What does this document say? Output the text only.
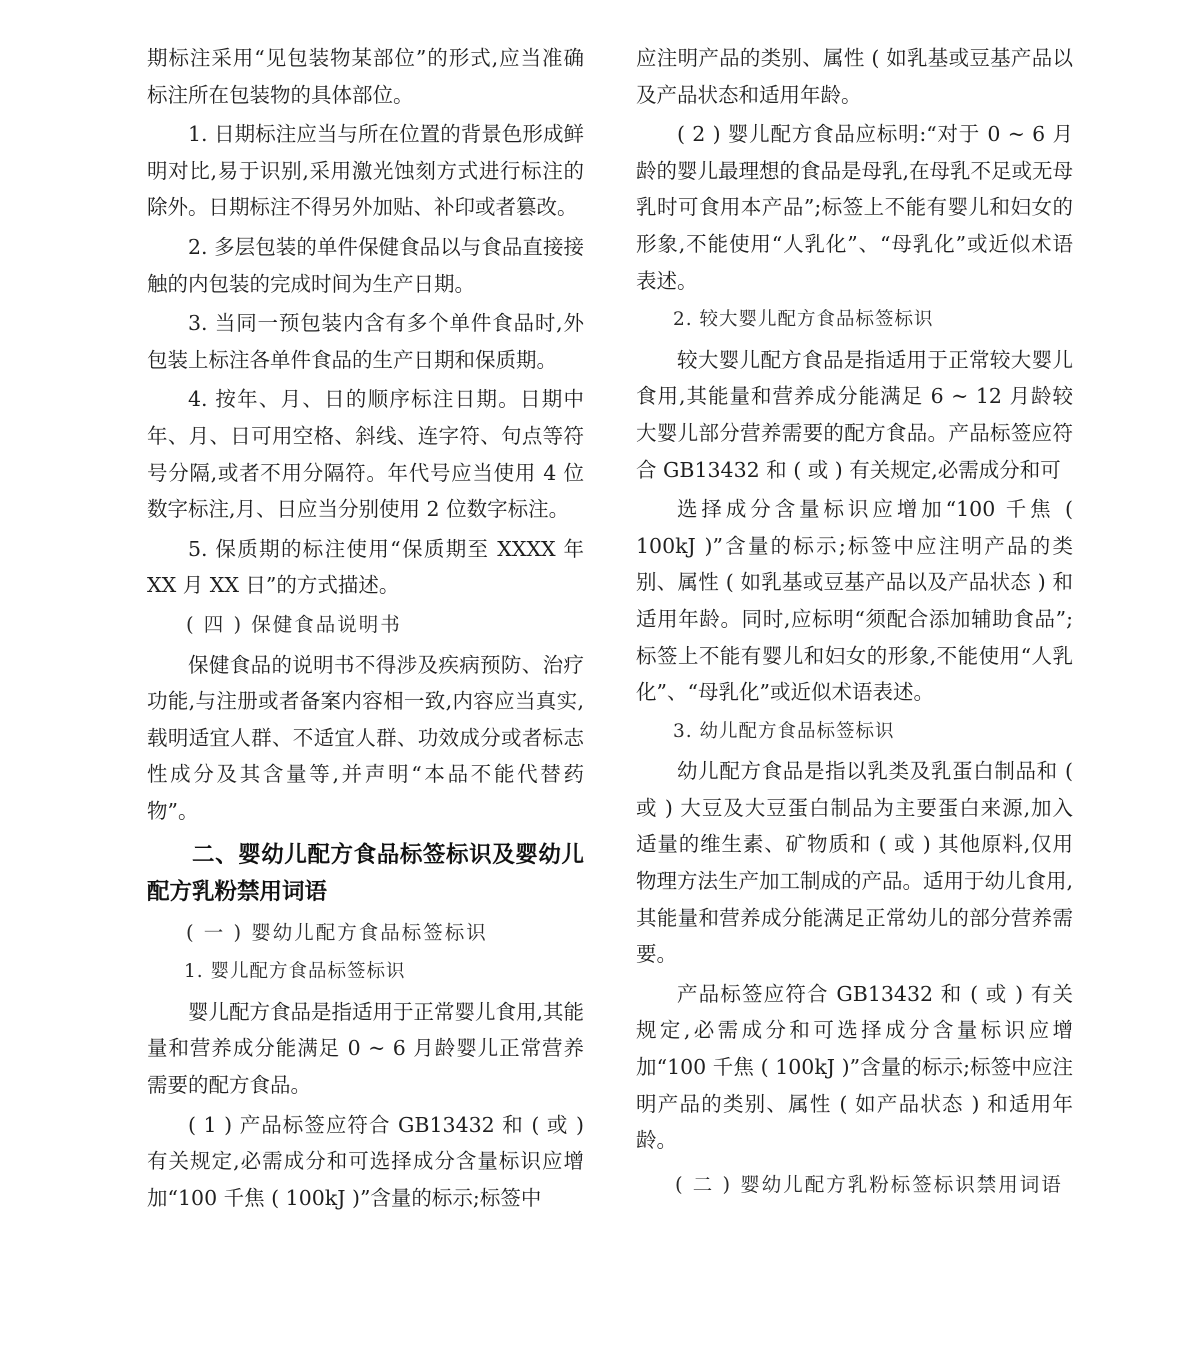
期标注采用“见包装物某部位”的形式,应当准确标注所在包装物的具体部位。

1. 日期标注应当与所在位置的背景色形成鲜明对比,易于识别,采用激光蚀刻方式进行标注的除外。日期标注不得另外加贴、补印或者篡改。

2. 多层包装的单件保健食品以与食品直接接触的内包装的完成时间为生产日期。

3. 当同一预包装内含有多个单件食品时,外包装上标注各单件食品的生产日期和保质期。

4. 按年、月、日的顺序标注日期。日期中年、月、日可用空格、斜线、连字符、句点等符号分隔,或者不用分隔符。年代号应当使用 4 位数字标注,月、日应当分别使用 2 位数字标注。

5. 保质期的标注使用“保质期至 XXXX 年 XX 月 XX 日”的方式描述。

( 四 ) 保健食品说明书

保健食品的说明书不得涉及疾病预防、治疗功能,与注册或者备案内容相一致,内容应当真实,载明适宜人群、不适宜人群、功效成分或者标志性成分及其含量等,并声明“本品不能代替药物”。

二、婴幼儿配方食品标签标识及婴幼儿配方乳粉禁用词语
( 一 ) 婴幼儿配方食品标签标识
1. 婴儿配方食品标签标识

婴儿配方食品是指适用于正常婴儿食用,其能量和营养成分能满足 0 ~ 6 月龄婴儿正常营养需要的配方食品。

( 1 ) 产品标签应符合 GB13432 和 ( 或 ) 有关规定,必需成分和可选择成分含量标识应增加“100 千焦 ( 100kJ )”含量的标示;标签中

应注明产品的类别、属性 ( 如乳基或豆基产品以及产品状态和适用年龄。

( 2 ) 婴儿配方食品应标明:“对于 0 ~ 6 月龄的婴儿最理想的食品是母乳,在母乳不足或无母乳时可食用本产品”;标签上不能有婴儿和妇女的形象,不能使用“人乳化”、“母乳化”或近似术语表述。

2. 较大婴儿配方食品标签标识

较大婴儿配方食品是指适用于正常较大婴儿食用,其能量和营养成分能满足 6 ~ 12 月龄较大婴儿部分营养需要的配方食品。产品标签应符合 GB13432 和 ( 或 ) 有关规定,必需成分和可

选择成分含量标识应增加“100 千焦 ( 100kJ )”含量的标示;标签中应注明产品的类别、属性 ( 如乳基或豆基产品以及产品状态 ) 和适用年龄。同时,应标明“须配合添加辅助食品”;标签上不能有婴儿和妇女的形象,不能使用“人乳化”、“母乳化”或近似术语表述。

3. 幼儿配方食品标签标识

幼儿配方食品是指以乳类及乳蛋白制品和 ( 或 ) 大豆及大豆蛋白制品为主要蛋白来源,加入适量的维生素、矿物质和 ( 或 ) 其他原料,仅用物理方法生产加工制成的产品。适用于幼儿食用,其能量和营养成分能满足正常幼儿的部分营养需要。

产品标签应符合 GB13432 和 ( 或 ) 有关规定,必需成分和可选择成分含量标识应增加“100 千焦 ( 100kJ )”含量的标示;标签中应注明产品的类别、属性 ( 如产品状态 ) 和适用年龄。

( 二 ) 婴幼儿配方乳粉标签标识禁用词语
